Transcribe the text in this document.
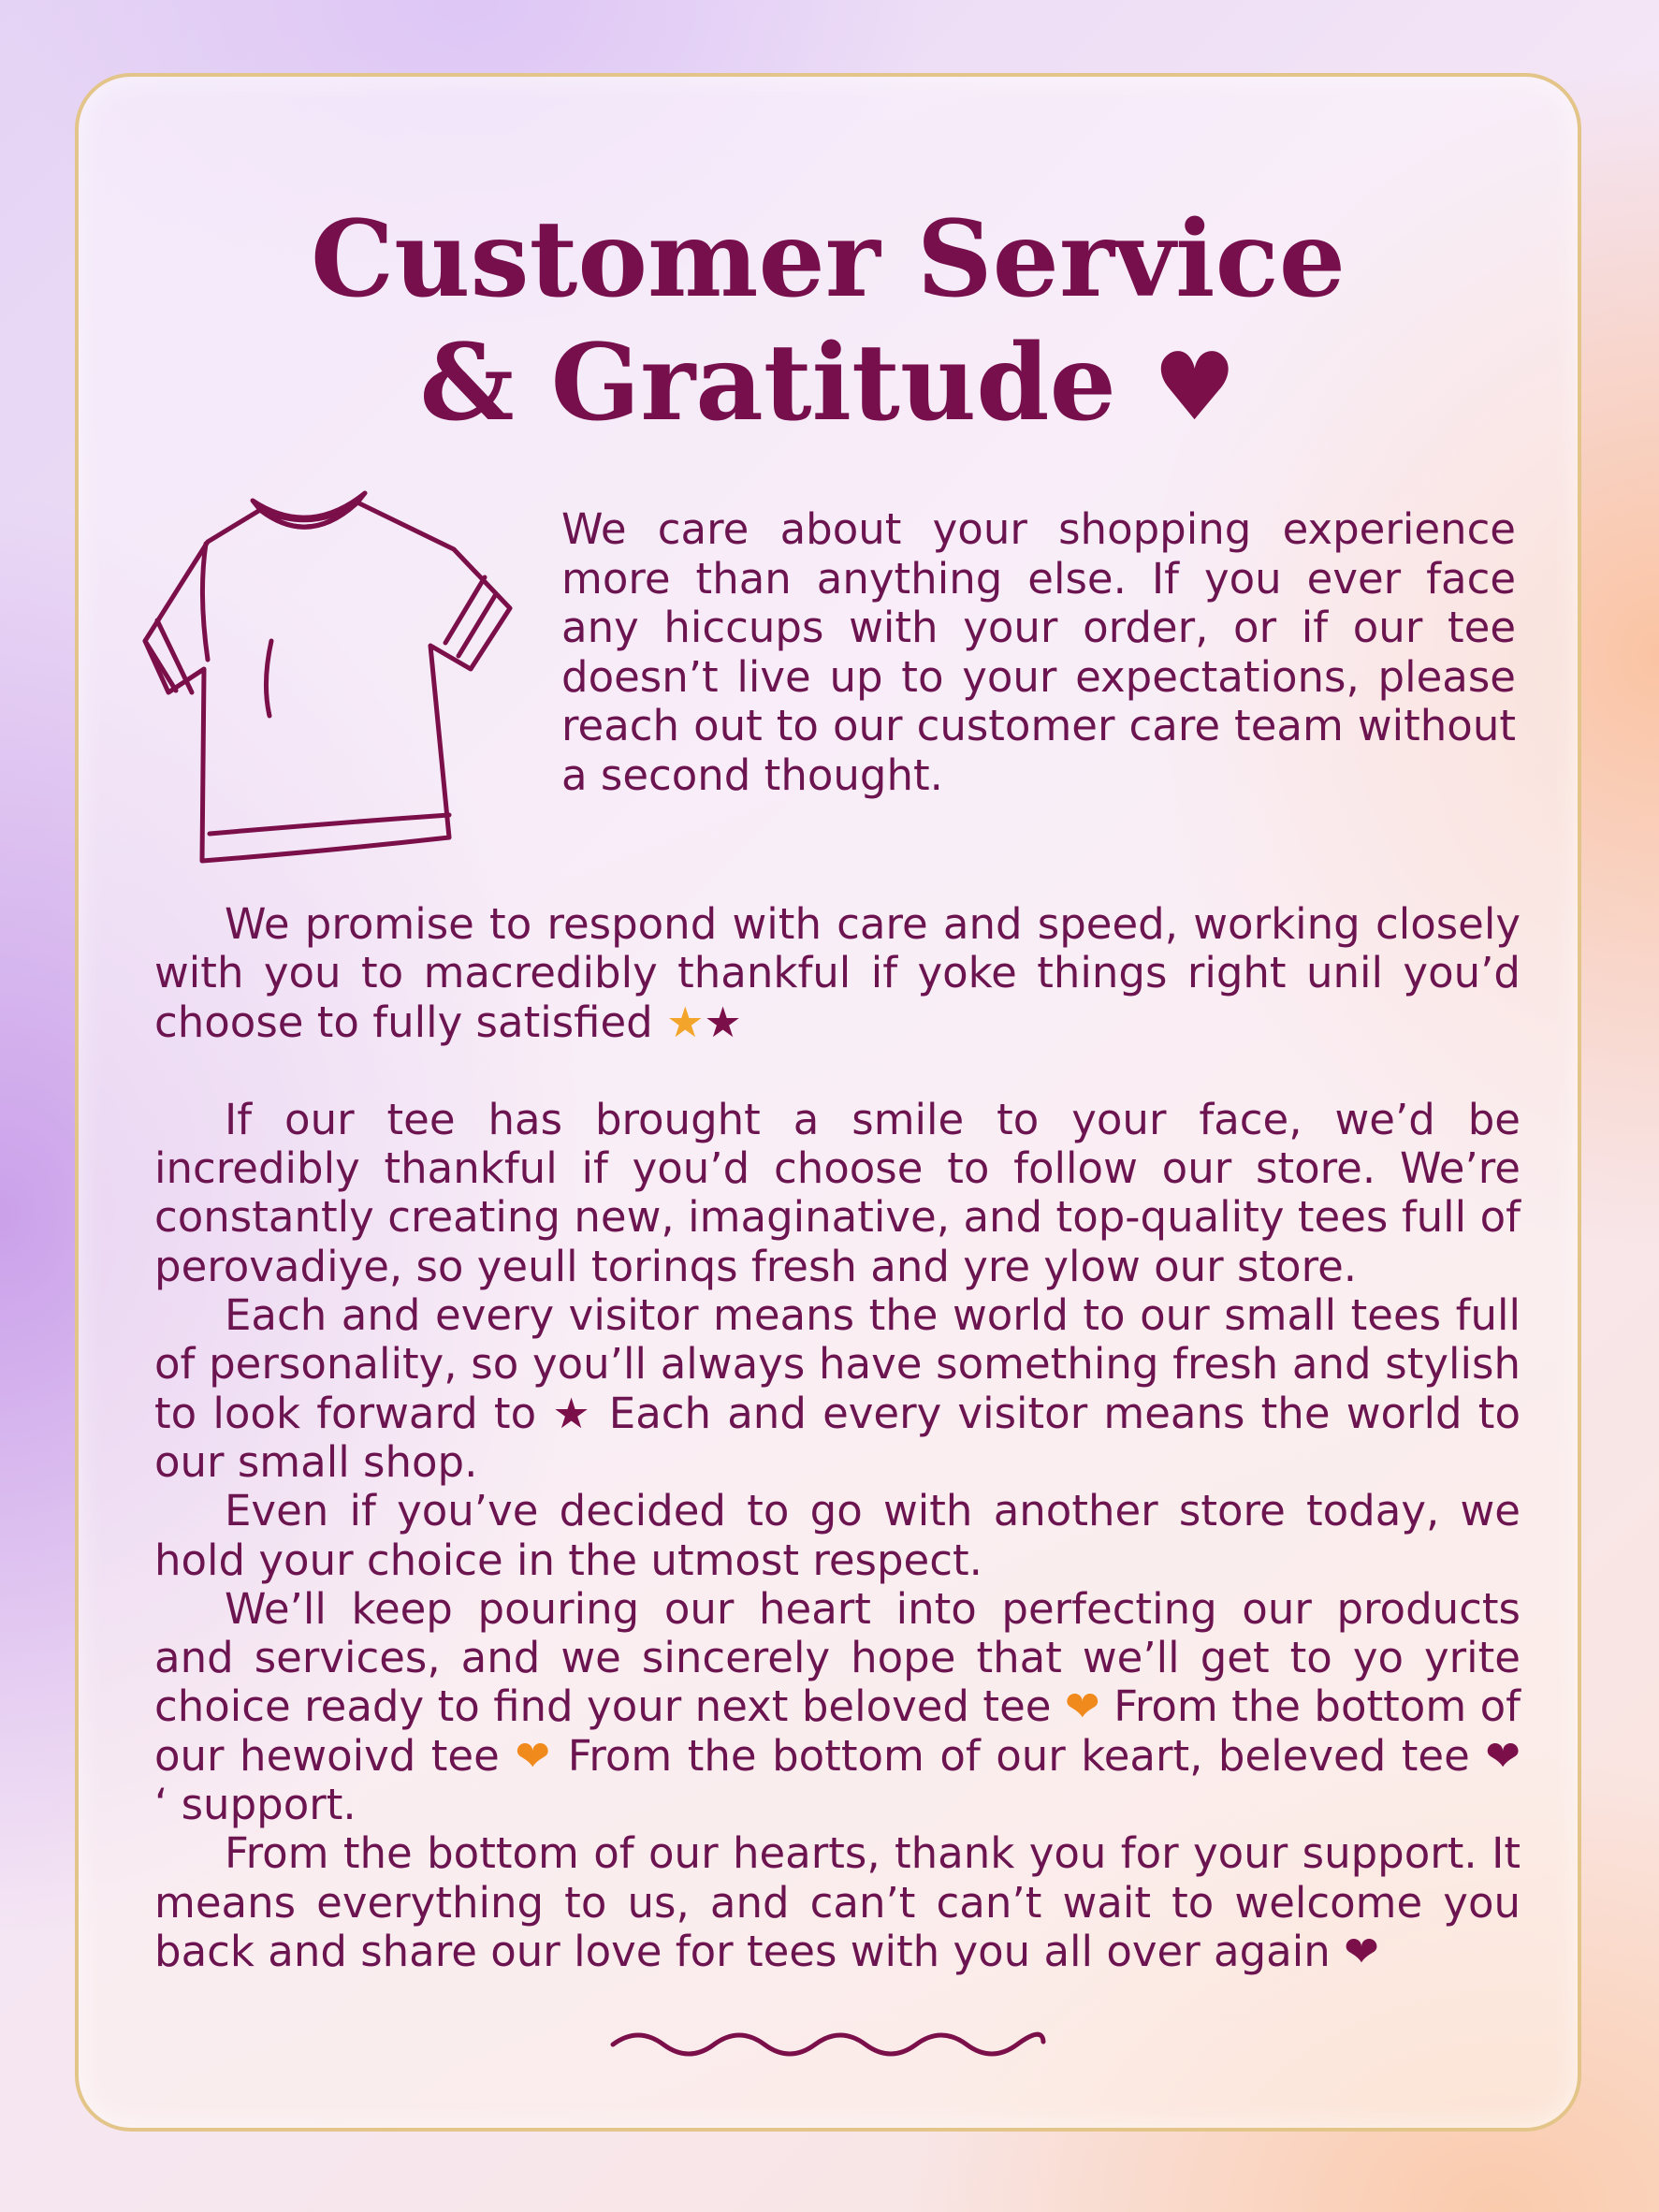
Customer Service
& Gratitude ♥

We care about your shopping experience more than anything else. If you ever face any hiccups with your order, or if our tee doesn’t live up to your expectations, please reach out to our customer care team without a second thought.

We promise to respond with care and speed, working closely with you to macredibly thankful if yoke things right unil you’d choose to fully satisfied ★★

If our tee has brought a smile to your face, we’d be incredibly thankful if you’d choose to follow our store. We’re constantly creating new, imaginative, and top-quality tees full of perovadiye, so yeull torinqs fresh and yre ylow our store.

Each and every visitor means the world to our small tees full of personality, so you’ll always have something fresh and stylish to look forward to ★ Each and every visitor means the world to our small shop.

Even if you’ve decided to go with another store today, we hold your choice in the utmost respect.

We’ll keep pouring our heart into perfecting our products and services, and we sincerely hope that we’ll get to yo yrite choice ready to find your next beloved tee ❤ From the bottom of our hewoivd tee ❤ From the bottom of our keart, beleved tee ❤ ‘ support.

From the bottom of our hearts, thank you for your support. It means everything to us, and can’t can’t wait to welcome you back and share our love for tees with you all over again ❤
